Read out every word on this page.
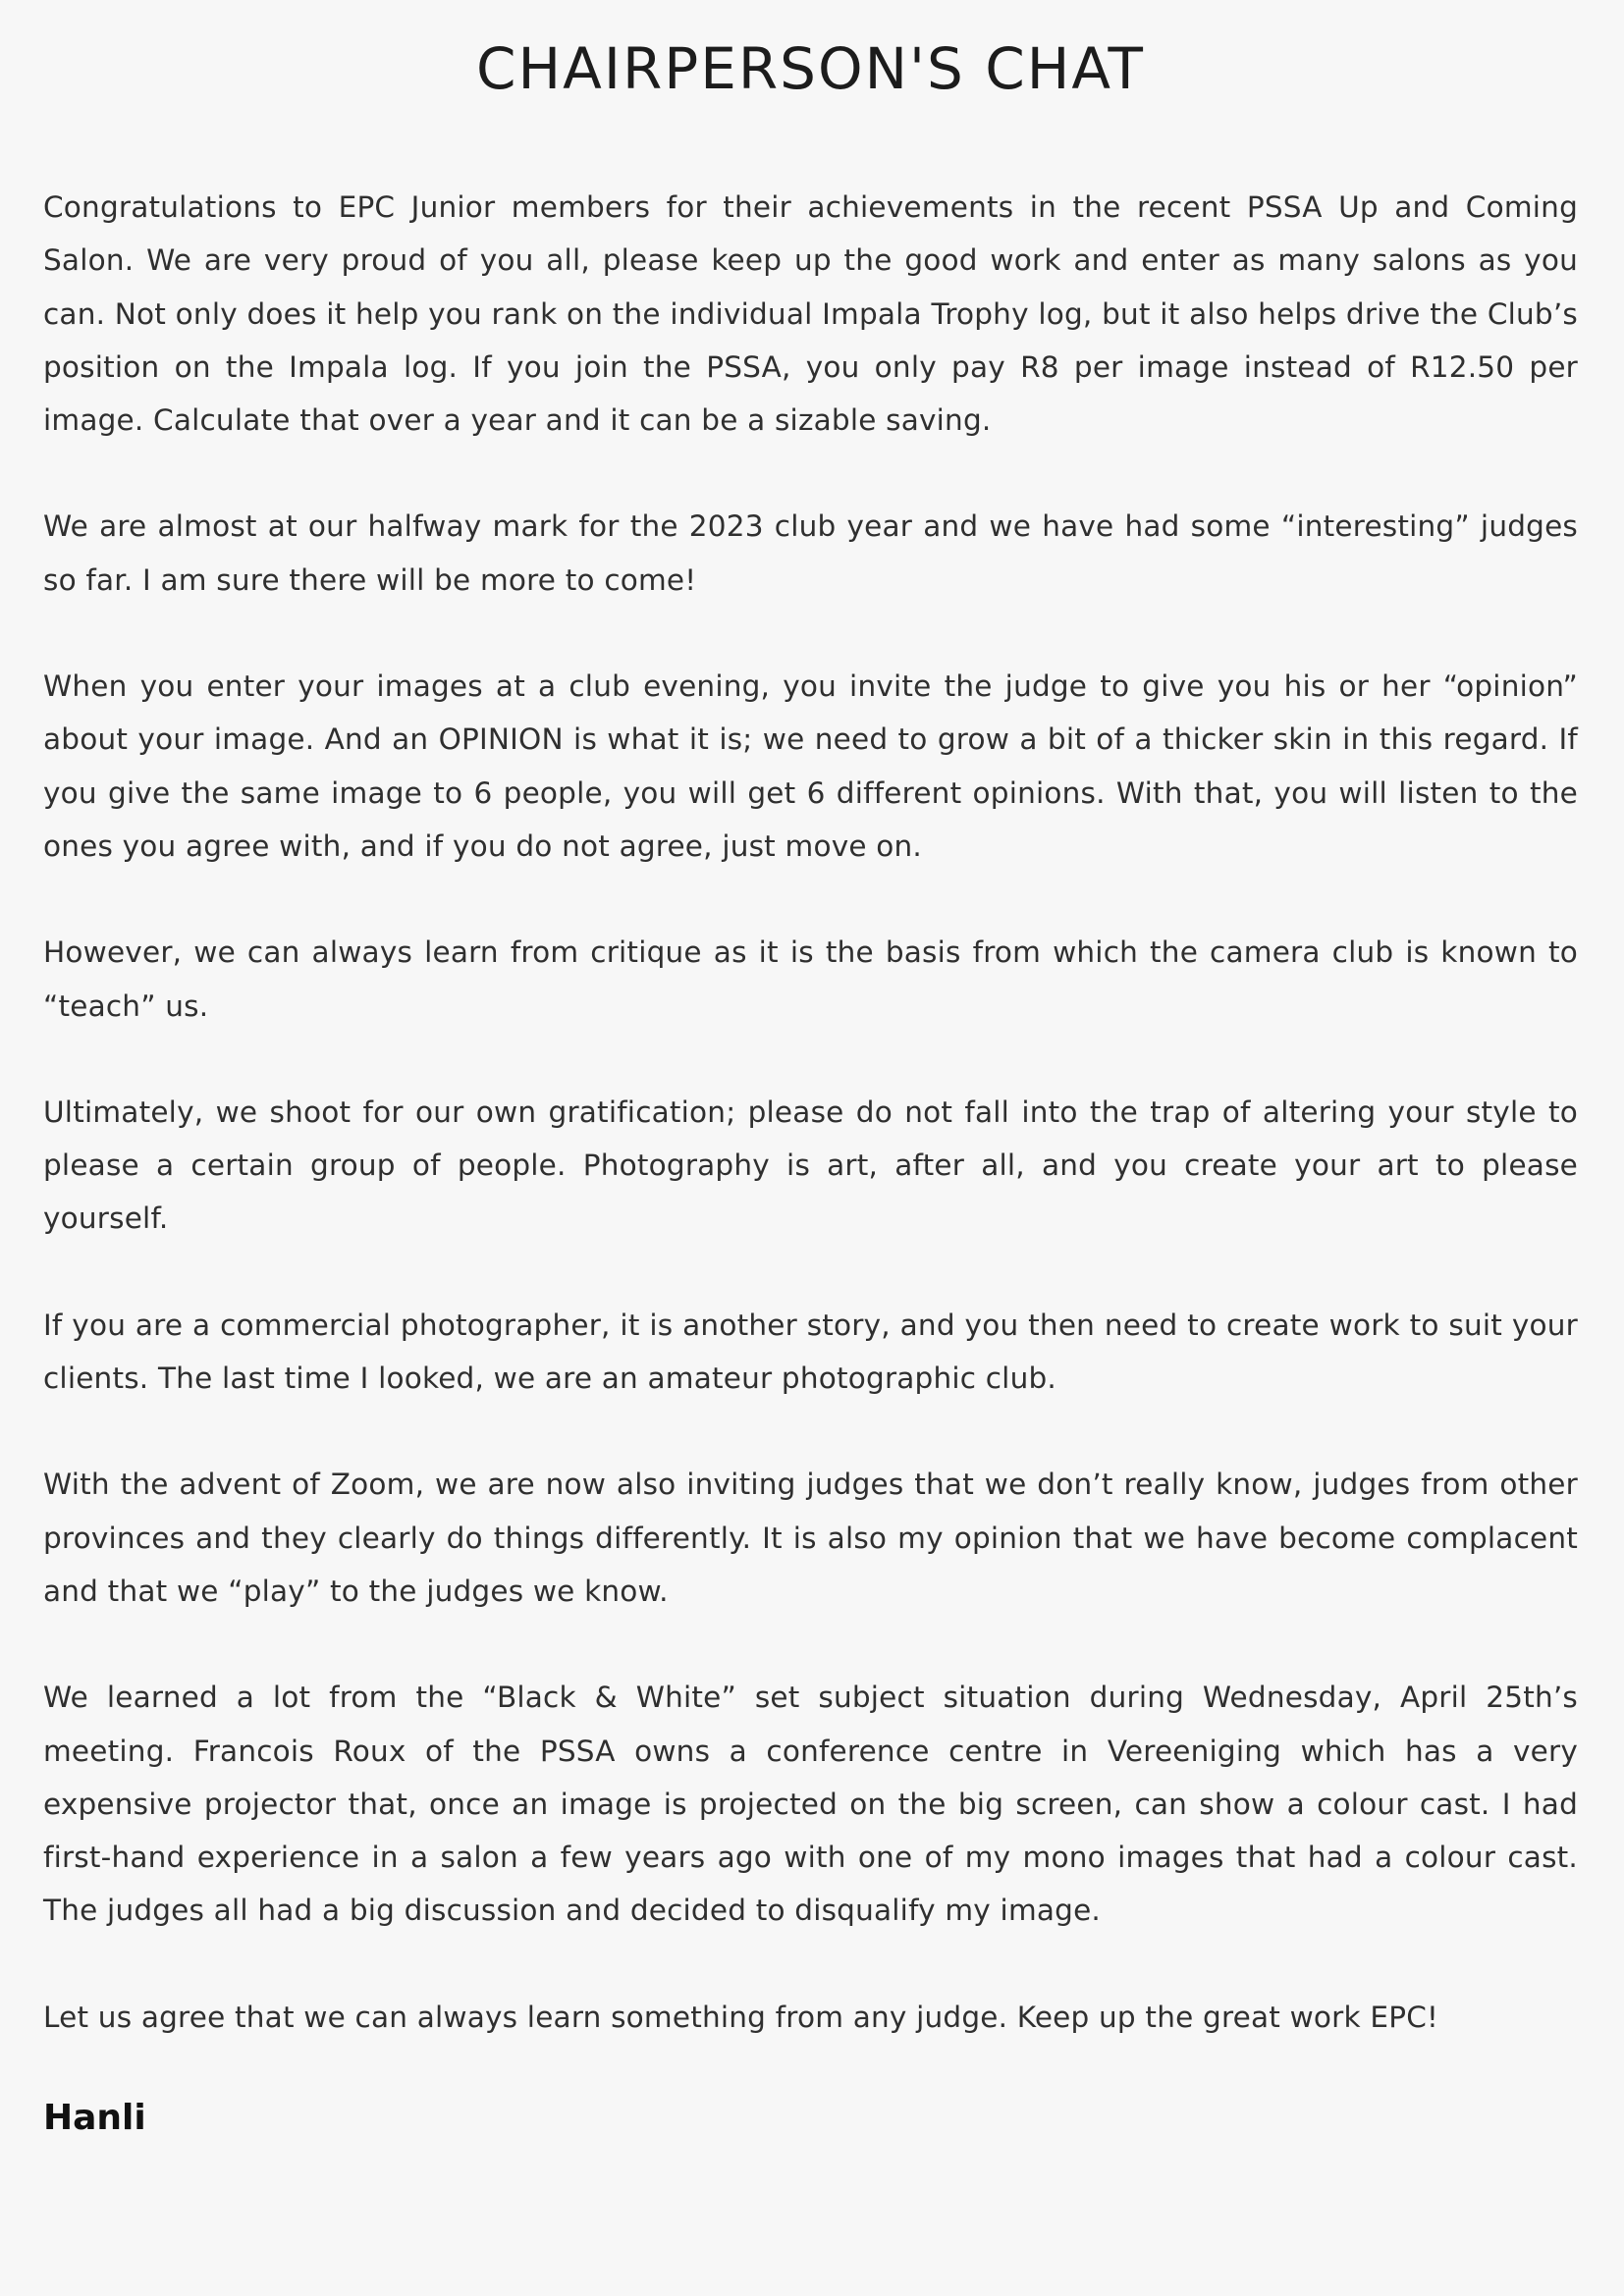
CHAIRPERSON'S CHAT

Congratulations to EPC Junior members for their achievements in the recent PSSA Up and Coming Salon. We are very proud of you all, please keep up the good work and enter as many salons as you can. Not only does it help you rank on the individual Impala Trophy log, but it also helps drive the Club’s position on the Impala log. If you join the PSSA, you only pay R8 per image instead of R12.50 per image. Calculate that over a year and it can be a sizable saving.

We are almost at our halfway mark for the 2023 club year and we have had some “interesting” judges so far. I am sure there will be more to come!

When you enter your images at a club evening, you invite the judge to give you his or her “opinion” about your image. And an OPINION is what it is; we need to grow a bit of a thicker skin in this regard. If you give the same image to 6 people, you will get 6 different opinions. With that, you will listen to the ones you agree with, and if you do not agree, just move on.

However, we can always learn from critique as it is the basis from which the camera club is known to “teach” us.

Ultimately, we shoot for our own gratification; please do not fall into the trap of altering your style to please a certain group of people. Photography is art, after all, and you create your art to please yourself.

If you are a commercial photographer, it is another story, and you then need to create work to suit your clients. The last time I looked, we are an amateur photographic club.

With the advent of Zoom, we are now also inviting judges that we don’t really know, judges from other provinces and they clearly do things differently. It is also my opinion that we have become complacent and that we “play” to the judges we know.

We learned a lot from the “Black & White” set subject situation during Wednesday, April 25th’s meeting. Francois Roux of the PSSA owns a conference centre in Vereeniging which has a very expensive projector that, once an image is projected on the big screen, can show a colour cast. I had first-hand experience in a salon a few years ago with one of my mono images that had a colour cast. The judges all had a big discussion and decided to disqualify my image.

Let us agree that we can always learn something from any judge. Keep up the great work EPC!

Hanli
